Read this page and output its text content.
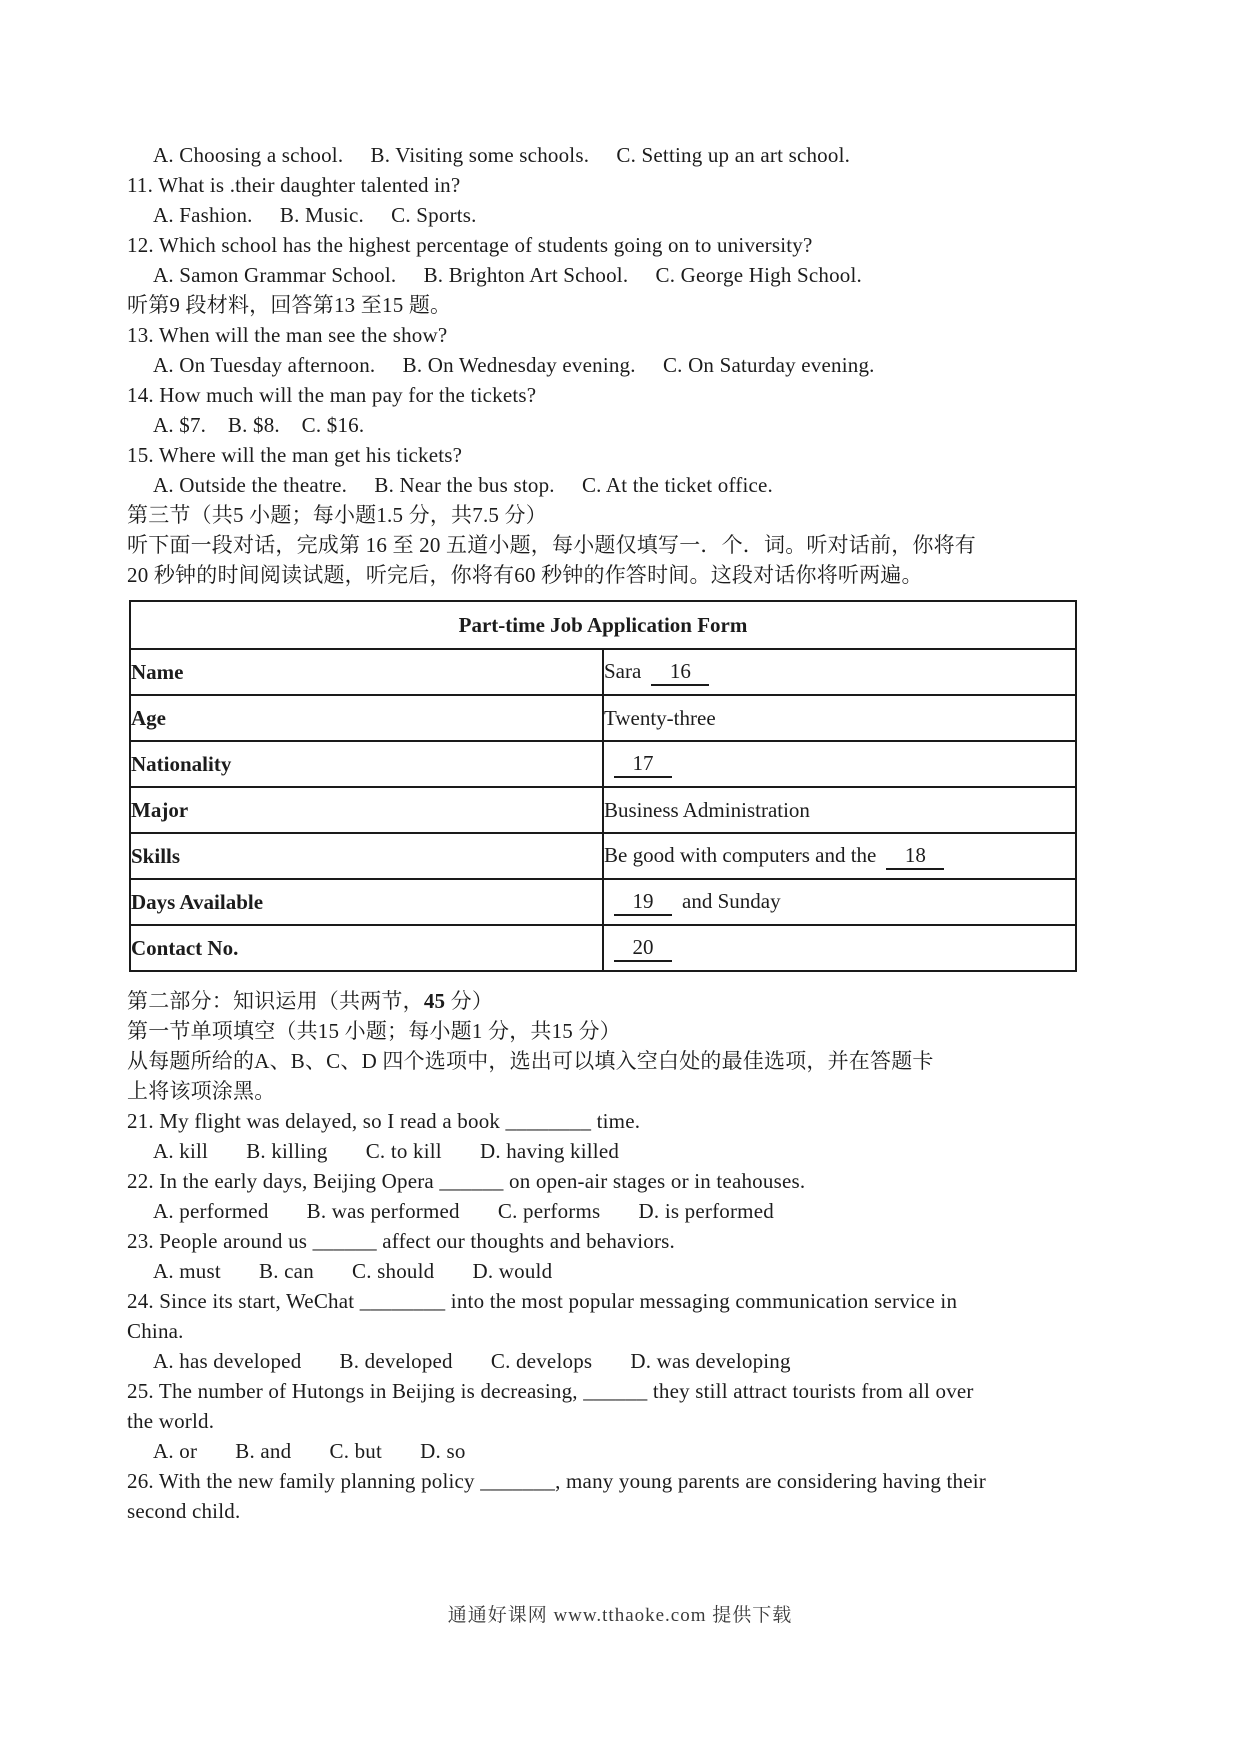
A. Choosing a school.     B. Visiting some schools.     C. Setting up an art school.
11. What is .their daughter talented in?
A. Fashion.     B. Music.     C. Sports.
12. Which school has the highest percentage of students going on to university?
A. Samon Grammar School.     B. Brighton Art School.     C. George High School.
听第9 段材料，回答第13 至15 题。
13. When will the man see the show?
A. On Tuesday afternoon.     B. On Wednesday evening.     C. On Saturday evening.
14. How much will the man pay for the tickets?
A. $7.    B. $8.    C. $16.
15. Where will the man get his tickets?
A. Outside the theatre.     B. Near the bus stop.     C. At the ticket office.
第三节（共5 小题；每小题1.5 分，共7.5 分）
听下面一段对话，完成第 16 至 20 五道小题，每小题仅填写一．个．词。听对话前，你将有
20 秒钟的时间阅读试题，听完后，你将有60 秒钟的作答时间。这段对话你将听两遍。
Part-time Job Application Form	
Name	Sara 16
Age	Twenty-three
Nationality	17
Major	Business Administration
Skills	Be good with computers and the 18
Days Available	19 and Sunday
Contact No.	20
第二部分：知识运用（共两节，45 分）
第一节单项填空（共15 小题；每小题1 分，共15 分）
从每题所给的A、B、C、D 四个选项中，选出可以填入空白处的最佳选项，并在答题卡
上将该项涂黑。
21. My flight was delayed, so I read a book ________ time.
A. kill       B. killing       C. to kill       D. having killed
22. In the early days, Beijing Opera ______ on open-air stages or in teahouses.
A. performed       B. was performed       C. performs       D. is performed
23. People around us ______ affect our thoughts and behaviors.
A. must       B. can       C. should       D. would
24. Since its start, WeChat ________ into the most popular messaging communication service in
China.
A. has developed       B. developed       C. develops       D. was developing
25. The number of Hutongs in Beijing is decreasing, ______ they still attract tourists from all over
the world.
A. or       B. and       C. but       D. so
26. With the new family planning policy _______, many young parents are considering having their
second child.
通通好课网 www.tthaoke.com 提供下载
